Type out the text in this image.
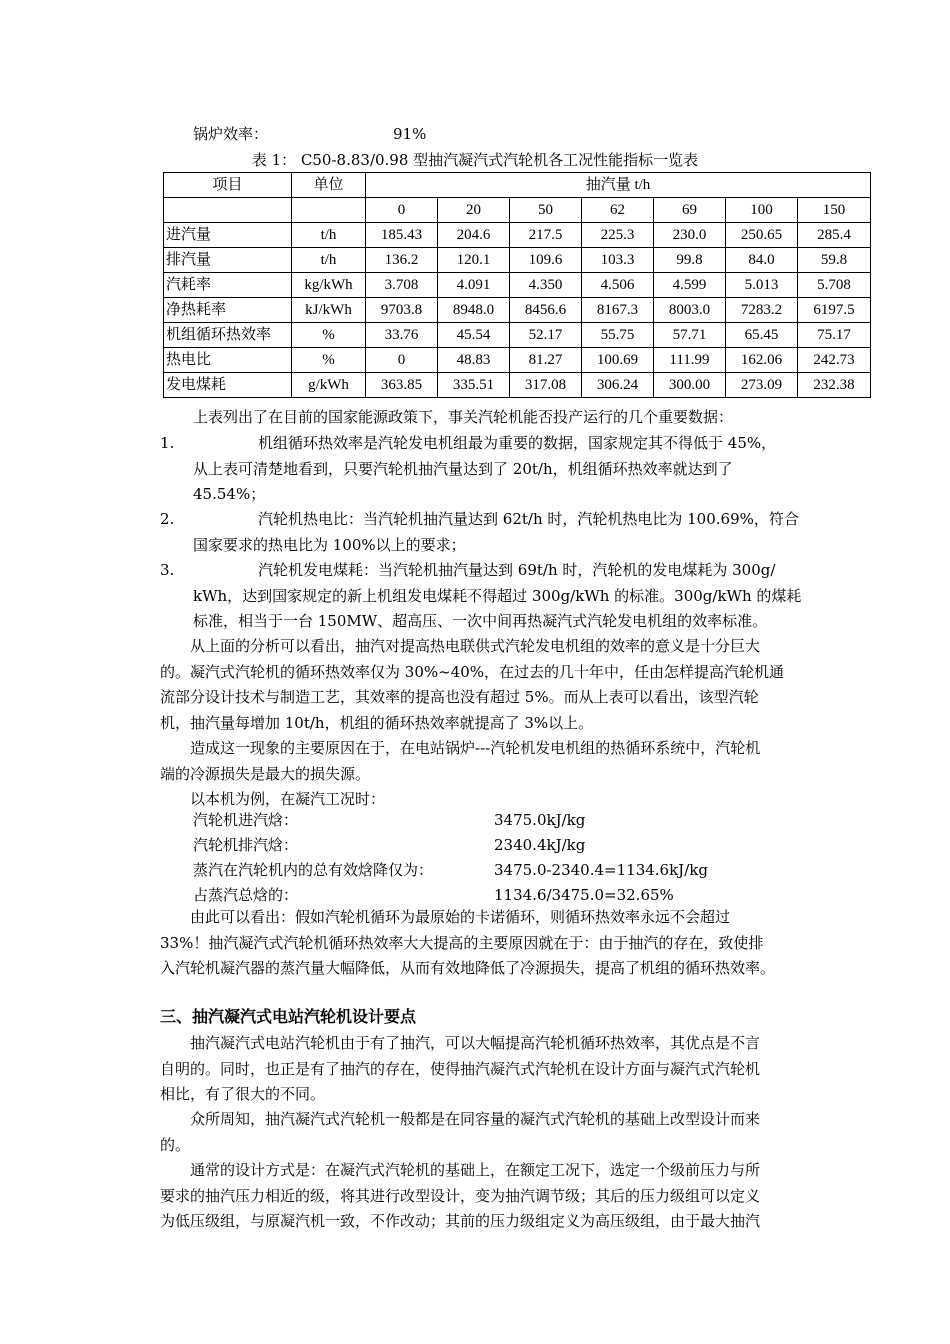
锅炉效率：	91%
表 1： C50-8.83/0.98 型抽汽凝汽式汽轮机各工况性能指标一览表
项目	单位	抽汽量 t/h						
		0	20	50	62	69	100	150
进汽量	t/h	185.43	204.6	217.5	225.3	230.0	250.65	285.4
排汽量	t/h	136.2	120.1	109.6	103.3	99.8	84.0	59.8
汽耗率	kg/kWh	3.708	4.091	4.350	4.506	4.599	5.013	5.708
净热耗率	kJ/kWh	9703.8	8948.0	8456.6	8167.3	8003.0	7283.2	6197.5
机组循环热效率	%	33.76	45.54	52.17	55.75	57.71	65.45	75.17
热电比	%	0	48.83	81.27	100.69	111.99	162.06	242.73
发电煤耗	g/kWh	363.85	335.51	317.08	306.24	300.00	273.09	232.38
上表列出了在目前的国家能源政策下，事关汽轮机能否投产运行的几个重要数据：
1.	机组循环热效率是汽轮发电机组最为重要的数据，国家规定其不得低于 45%，
从上表可清楚地看到，只要汽轮机抽汽量达到了 20t/h，机组循环热效率就达到了
45.54%；
2.	汽轮机热电比：当汽轮机抽汽量达到 62t/h 时，汽轮机热电比为 100.69%，符合
国家要求的热电比为 100%以上的要求；
3.	汽轮机发电煤耗：当汽轮机抽汽量达到 69t/h 时，汽轮机的发电煤耗为 300g/
kWh，达到国家规定的新上机组发电煤耗不得超过 300g/kWh 的标准。300g/kWh 的煤耗
标准，相当于一台 150MW、超高压、一次中间再热凝汽式汽轮发电机组的效率标准。
从上面的分析可以看出，抽汽对提高热电联供式汽轮发电机组的效率的意义是十分巨大
的。凝汽式汽轮机的循环热效率仅为 30%~40%，在过去的几十年中，任由怎样提高汽轮机通
流部分设计技术与制造工艺，其效率的提高也没有超过 5%。而从上表可以看出，该型汽轮
机，抽汽量每增加 10t/h，机组的循环热效率就提高了 3%以上。
造成这一现象的主要原因在于，在电站锅炉---汽轮机发电机组的热循环系统中，汽轮机
端的冷源损失是最大的损失源。
以本机为例，在凝汽工况时：
汽轮机进汽焓：	3475.0kJ/kg
汽轮机排汽焓：	2340.4kJ/kg
蒸汽在汽轮机内的总有效焓降仅为：	3475.0-2340.4=1134.6kJ/kg
占蒸汽总焓的：	1134.6/3475.0=32.65%
由此可以看出：假如汽轮机循环为最原始的卡诺循环，则循环热效率永远不会超过
33%！抽汽凝汽式汽轮机循环热效率大大提高的主要原因就在于：由于抽汽的存在，致使排
入汽轮机凝汽器的蒸汽量大幅降低，从而有效地降低了冷源损失，提高了机组的循环热效率。
三、抽汽凝汽式电站汽轮机设计要点
抽汽凝汽式电站汽轮机由于有了抽汽，可以大幅提高汽轮机循环热效率，其优点是不言
自明的。同时，也正是有了抽汽的存在，使得抽汽凝汽式汽轮机在设计方面与凝汽式汽轮机
相比，有了很大的不同。
众所周知，抽汽凝汽式汽轮机一般都是在同容量的凝汽式汽轮机的基础上改型设计而来
的。
通常的设计方式是：在凝汽式汽轮机的基础上，在额定工况下，选定一个级前压力与所
要求的抽汽压力相近的级，将其进行改型设计，变为抽汽调节级；其后的压力级组可以定义
为低压级组，与原凝汽机一致，不作改动；其前的压力级组定义为高压级组，由于最大抽汽
